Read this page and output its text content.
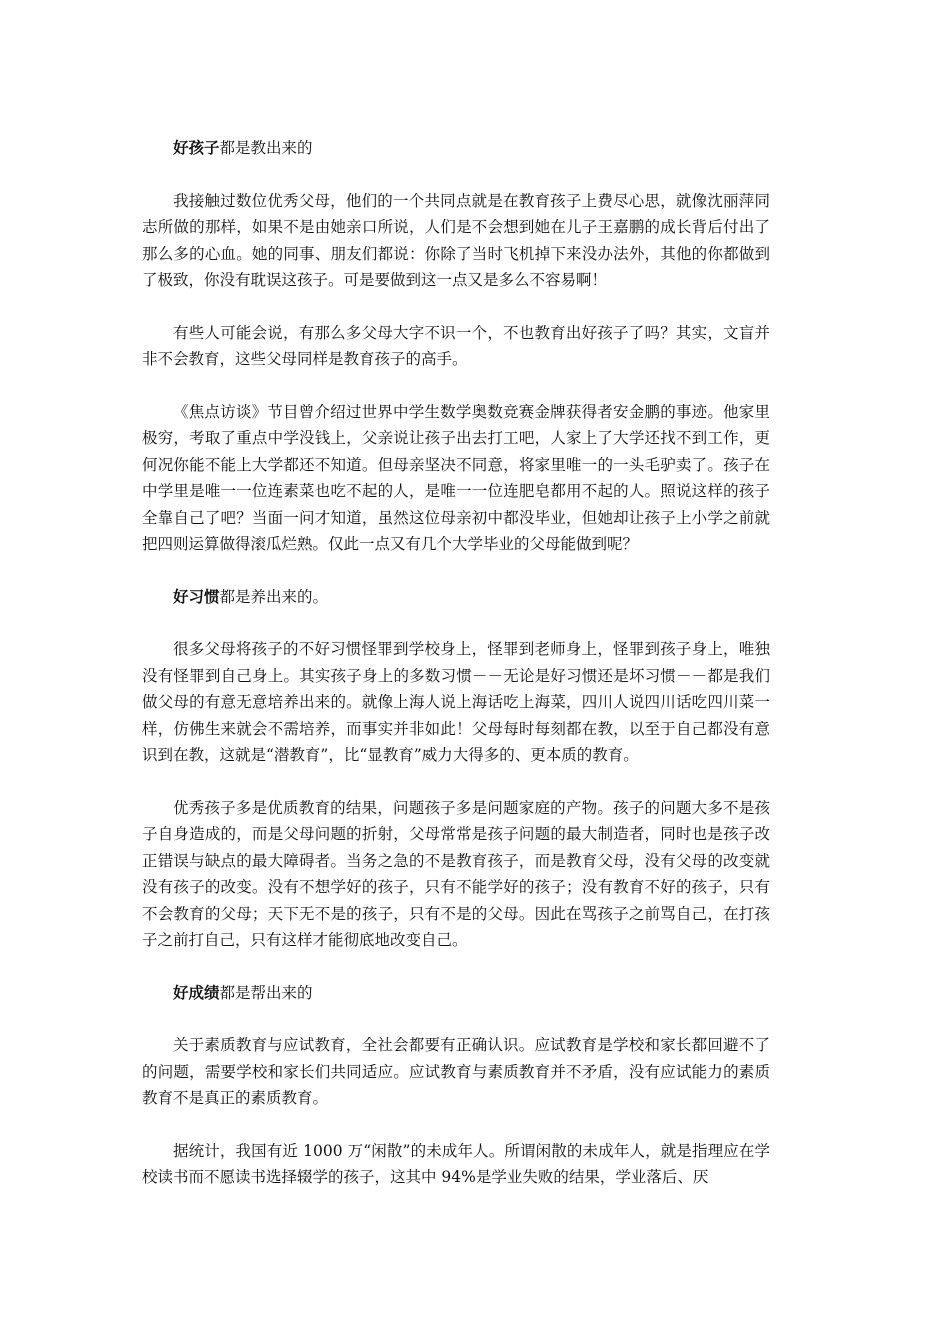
好孩子都是教出来的

我接触过数位优秀父母，他们的一个共同点就是在教育孩子上费尽心思，就像沈丽萍同志所做的那样，如果不是由她亲口所说，人们是不会想到她在儿子王嘉鹏的成长背后付出了那么多的心血。她的同事、朋友们都说：你除了当时飞机掉下来没办法外，其他的你都做到了极致，你没有耽误这孩子。可是要做到这一点又是多么不容易啊！

有些人可能会说，有那么多父母大字不识一个，不也教育出好孩子了吗？其实，文盲并非不会教育，这些父母同样是教育孩子的高手。

《焦点访谈》节目曾介绍过世界中学生数学奥数竞赛金牌获得者安金鹏的事迹。他家里极穷，考取了重点中学没钱上，父亲说让孩子出去打工吧，人家上了大学还找不到工作，更何况你能不能上大学都还不知道。但母亲坚决不同意，将家里唯一的一头毛驴卖了。孩子在中学里是唯一一位连素菜也吃不起的人，是唯一一位连肥皂都用不起的人。照说这样的孩子全靠自己了吧？当面一问才知道，虽然这位母亲初中都没毕业，但她却让孩子上小学之前就把四则运算做得滚瓜烂熟。仅此一点又有几个大学毕业的父母能做到呢？

好习惯都是养出来的。

很多父母将孩子的不好习惯怪罪到学校身上，怪罪到老师身上，怪罪到孩子身上，唯独没有怪罪到自己身上。其实孩子身上的多数习惯－－无论是好习惯还是坏习惯－－都是我们做父母的有意无意培养出来的。就像上海人说上海话吃上海菜，四川人说四川话吃四川菜一样，仿佛生来就会不需培养，而事实并非如此！父母每时每刻都在教，以至于自己都没有意识到在教，这就是“潜教育”，比“显教育”威力大得多的、更本质的教育。

优秀孩子多是优质教育的结果，问题孩子多是问题家庭的产物。孩子的问题大多不是孩子自身造成的，而是父母问题的折射，父母常常是孩子问题的最大制造者，同时也是孩子改正错误与缺点的最大障碍者。当务之急的不是教育孩子，而是教育父母，没有父母的改变就没有孩子的改变。没有不想学好的孩子，只有不能学好的孩子；没有教育不好的孩子，只有不会教育的父母；天下无不是的孩子，只有不是的父母。因此在骂孩子之前骂自己，在打孩子之前打自己，只有这样才能彻底地改变自己。

好成绩都是帮出来的

关于素质教育与应试教育，全社会都要有正确认识。应试教育是学校和家长都回避不了的问题，需要学校和家长们共同适应。应试教育与素质教育并不矛盾，没有应试能力的素质教育不是真正的素质教育。

据统计，我国有近 1000 万“闲散”的未成年人。所谓闲散的未成年人，就是指理应在学校读书而不愿读书选择辍学的孩子，这其中 94%是学业失败的结果，学业落后、厌
